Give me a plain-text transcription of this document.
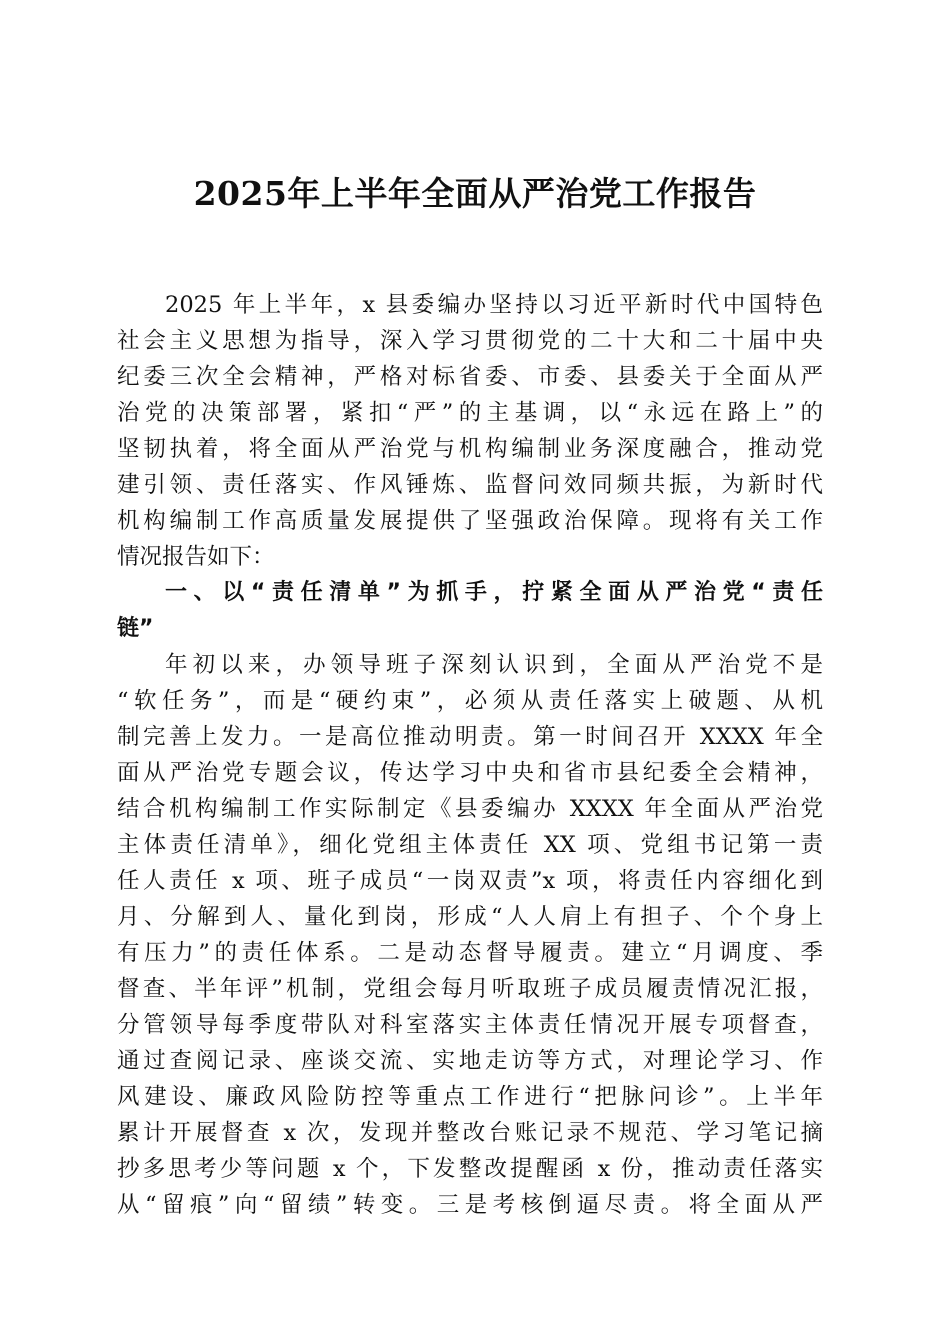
2025年上半年全面从严治党工作报告
2025 年上半年，x 县委编办坚持以习近平新时代中国特色
社会主义思想为指导，深入学习贯彻党的二十大和二十届中央
纪委三次全会精神，严格对标省委、市委、县委关于全面从严
治党的决策部署，紧扣“严”的主基调，以“永远在路上”的
坚韧执着，将全面从严治党与机构编制业务深度融合，推动党
建引领、责任落实、作风锤炼、监督问效同频共振，为新时代
机构编制工作高质量发展提供了坚强政治保障。现将有关工作
情况报告如下：
一、以“责任清单”为抓手，拧紧全面从严治党“责任
链”
年初以来，办领导班子深刻认识到，全面从严治党不是
“软任务”，而是“硬约束”，必须从责任落实上破题、从机
制完善上发力。一是高位推动明责。第一时间召开 XXXX 年全
面从严治党专题会议，传达学习中央和省市县纪委全会精神，
结合机构编制工作实际制定《县委编办 XXXX 年全面从严治党
主体责任清单》，细化党组主体责任 XX 项、党组书记第一责
任人责任 x 项、班子成员“一岗双责”x 项，将责任内容细化到
月、分解到人、量化到岗，形成“人人肩上有担子、个个身上
有压力”的责任体系。二是动态督导履责。建立“月调度、季
督查、半年评”机制，党组会每月听取班子成员履责情况汇报，
分管领导每季度带队对科室落实主体责任情况开展专项督查，
通过查阅记录、座谈交流、实地走访等方式，对理论学习、作
风建设、廉政风险防控等重点工作进行“把脉问诊”。上半年
累计开展督查 x 次，发现并整改台账记录不规范、学习笔记摘
抄多思考少等问题 x 个，下发整改提醒函 x 份，推动责任落实
从“留痕”向“留绩”转变。三是考核倒逼尽责。将全面从严
